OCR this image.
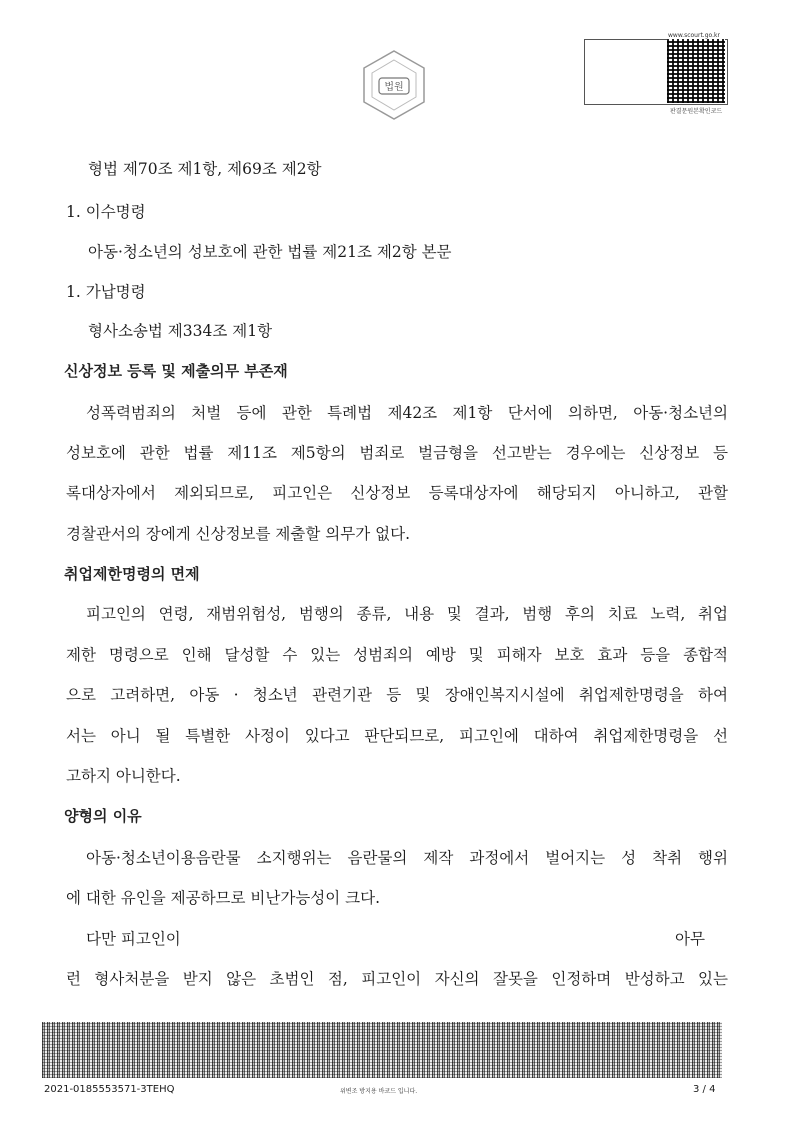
법원
www.scourt.go.kr
판결문원본확인코드
형법 제70조 제1항, 제69조 제2항
1. 이수명령
아동·청소년의 성보호에 관한 법률 제21조 제2항 본문
1. 가납명령
형사소송법 제334조 제1항
신상정보 등록 및 제출의무 부존재
성폭력범죄의 처벌 등에 관한 특례법 제42조 제1항 단서에 의하면, 아동·청소년의
성보호에 관한 법률 제11조 제5항의 범죄로 벌금형을 선고받는 경우에는 신상정보 등
록대상자에서 제외되므로, 피고인은 신상정보 등록대상자에 해당되지 아니하고, 관할
경찰관서의 장에게 신상정보를 제출할 의무가 없다.
취업제한명령의 면제
피고인의 연령, 재범위험성, 범행의 종류, 내용 및 결과, 범행 후의 치료 노력, 취업
제한 명령으로 인해 달성할 수 있는 성범죄의 예방 및 피해자 보호 효과 등을 종합적
으로 고려하면, 아동 · 청소년 관련기관 등 및 장애인복지시설에 취업제한명령을 하여
서는 아니 될 특별한 사정이 있다고 판단되므로, 피고인에 대하여 취업제한명령을 선
고하지 아니한다.
양형의 이유
아동·청소년이용음란물 소지행위는 음란물의 제작 과정에서 벌어지는 성 착취 행위
에 대한 유인을 제공하므로 비난가능성이 크다.
다만 피고인이	아무
런 형사처분을 받지 않은 초범인 점, 피고인이 자신의 잘못을 인정하며 반성하고 있는
2021-0185553571-3TEHQ	위변조 방지용 바코드 입니다.	3 / 4
